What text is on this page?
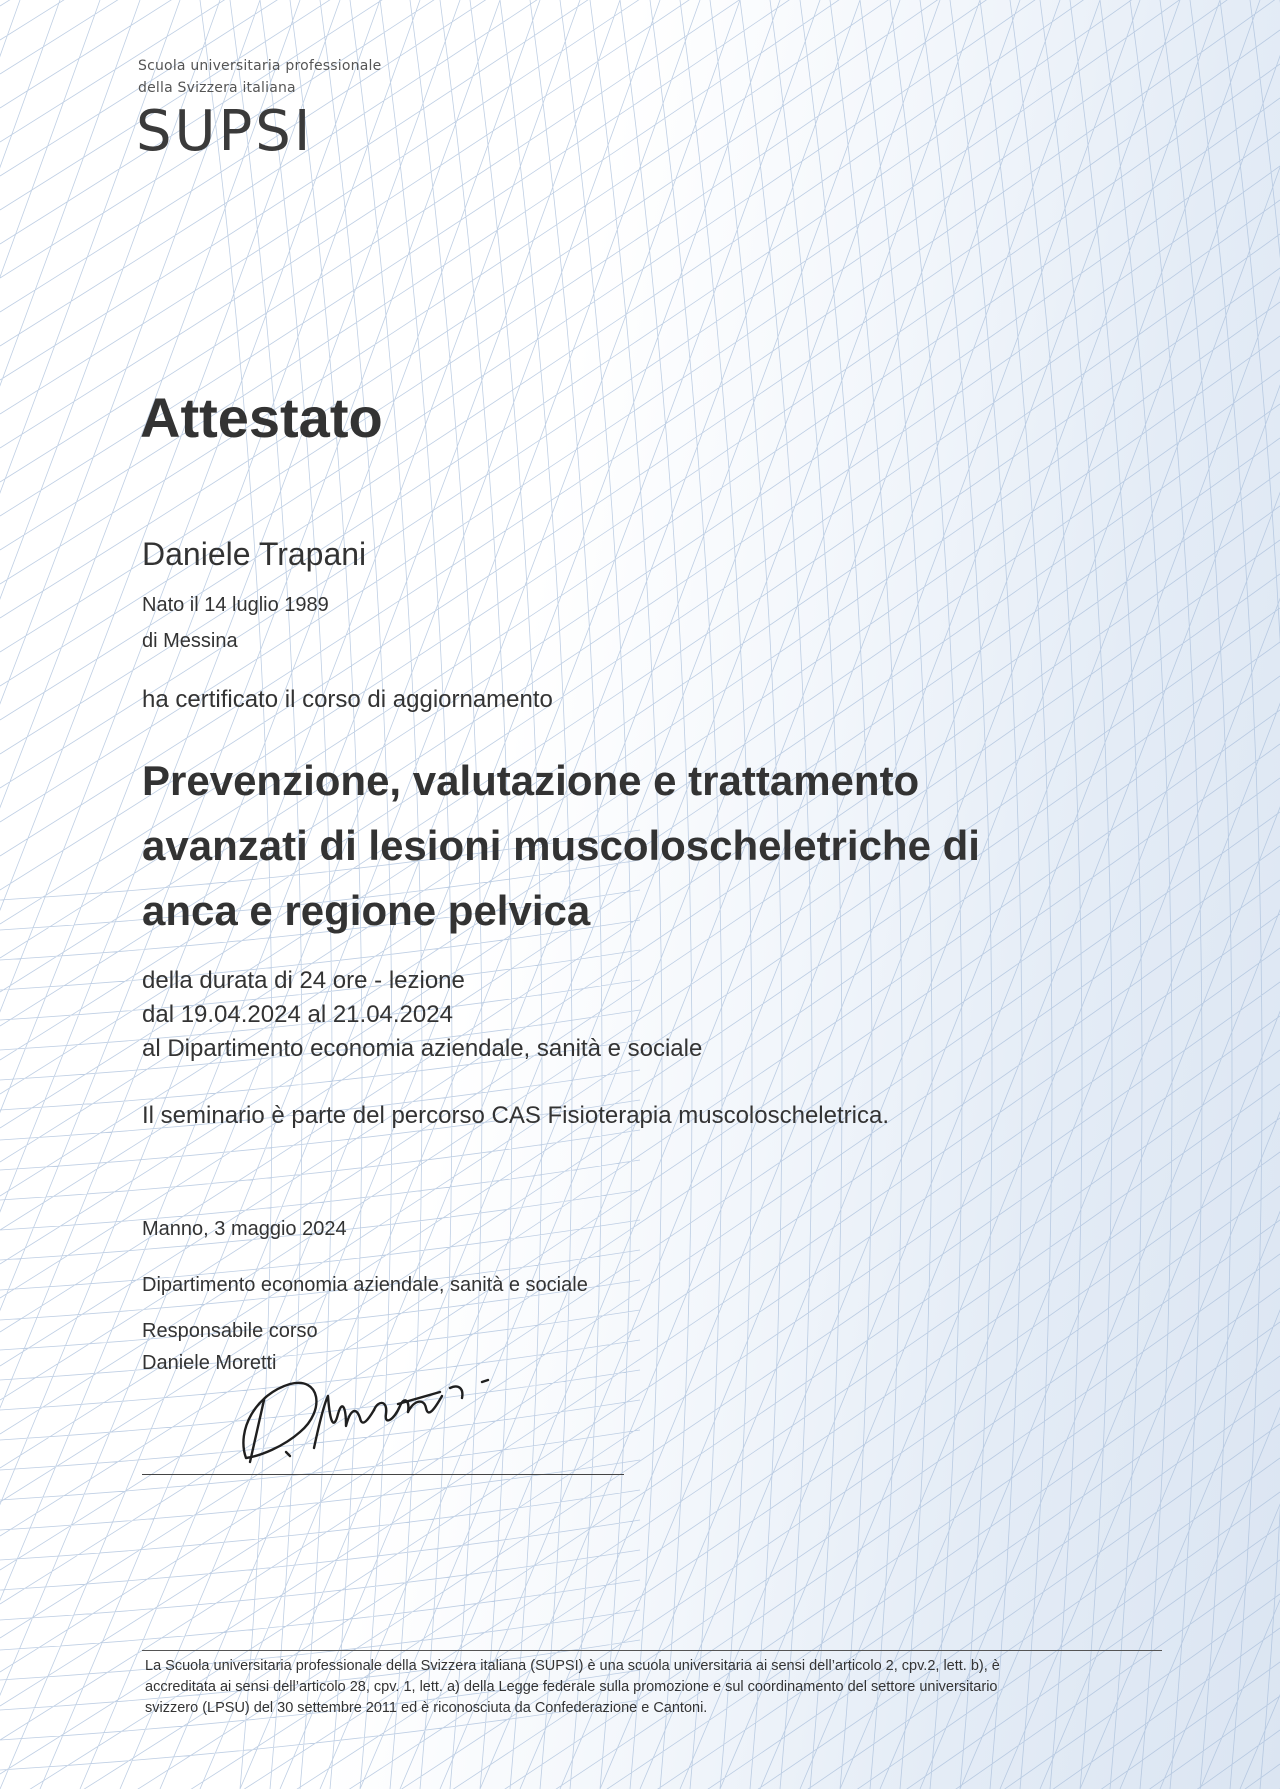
Scuola universitaria professionale
della Svizzera italiana
SUPSI
Attestato
Daniele Trapani
Nato il 14 luglio 1989
di Messina
ha certificato il corso di aggiornamento
Prevenzione, valutazione e trattamento
avanzati di lesioni muscoloscheletriche di
anca e regione pelvica
della durata di 24 ore - lezione
dal 19.04.2024 al 21.04.2024
al Dipartimento economia aziendale, sanità e sociale
Il seminario è parte del percorso CAS Fisioterapia muscoloscheletrica.
Manno, 3 maggio 2024
Dipartimento economia aziendale, sanità e sociale
Responsabile corso
Daniele Moretti
La Scuola universitaria professionale della Svizzera italiana (SUPSI) è una scuola universitaria ai sensi dell’articolo 2, cpv.2, lett. b), è
accreditata ai sensi dell’articolo 28, cpv. 1, lett. a) della Legge federale sulla promozione e sul coordinamento del settore universitario
svizzero (LPSU) del 30 settembre 2011 ed è riconosciuta da Confederazione e Cantoni.
